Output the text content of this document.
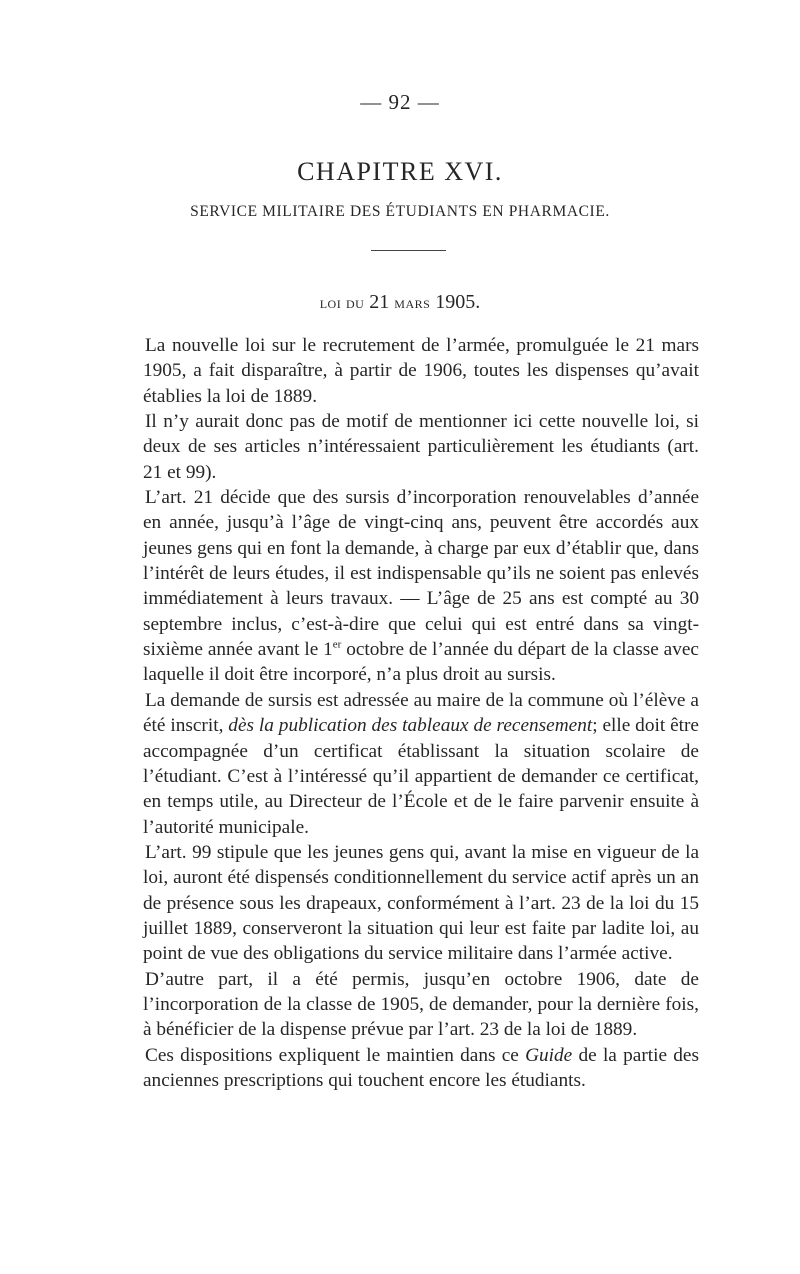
— 92 —
CHAPITRE XVI.
SERVICE MILITAIRE DES ÉTUDIANTS EN PHARMACIE.
loi du 21 mars 1905.

La nouvelle loi sur le recrutement de l’armée, promulguée le 21 mars 1905, a fait disparaître, à partir de 1906, toutes les dispenses qu’avait établies la loi de 1889.

Il n’y aurait donc pas de motif de mentionner ici cette nouvelle loi, si deux de ses articles n’intéressaient particulièrement les étudiants (art. 21 et 99).

L’art. 21 décide que des sursis d’incorporation renouvelables d’année en année, jusqu’à l’âge de vingt-cinq ans, peuvent être accordés aux jeunes gens qui en font la demande, à charge par eux d’établir que, dans l’intérêt de leurs études, il est indispensable qu’ils ne soient pas enlevés immédiatement à leurs travaux. — L’âge de 25 ans est compté au 30 septembre inclus, c’est-à-dire que celui qui est entré dans sa vingt-sixième année avant le 1er octobre de l’année du départ de la classe avec laquelle il doit être incorporé, n’a plus droit au sursis.

La demande de sursis est adressée au maire de la commune où l’élève a été inscrit, dès la publication des tableaux de recensement; elle doit être accompagnée d’un certificat établissant la situation scolaire de l’étudiant. C’est à l’intéressé qu’il appartient de demander ce certificat, en temps utile, au Directeur de l’École et de le faire parvenir ensuite à l’autorité municipale.

L’art. 99 stipule que les jeunes gens qui, avant la mise en vigueur de la loi, auront été dispensés conditionnellement du service actif après un an de présence sous les drapeaux, conformément à l’art. 23 de la loi du 15 juillet 1889, conserveront la situation qui leur est faite par ladite loi, au point de vue des obligations du service militaire dans l’armée active.

D’autre part, il a été permis, jusqu’en octobre 1906, date de l’incorporation de la classe de 1905, de demander, pour la dernière fois, à bénéficier de la dispense prévue par l’art. 23 de la loi de 1889.

Ces dispositions expliquent le maintien dans ce Guide de la partie des anciennes prescriptions qui touchent encore les étudiants.
